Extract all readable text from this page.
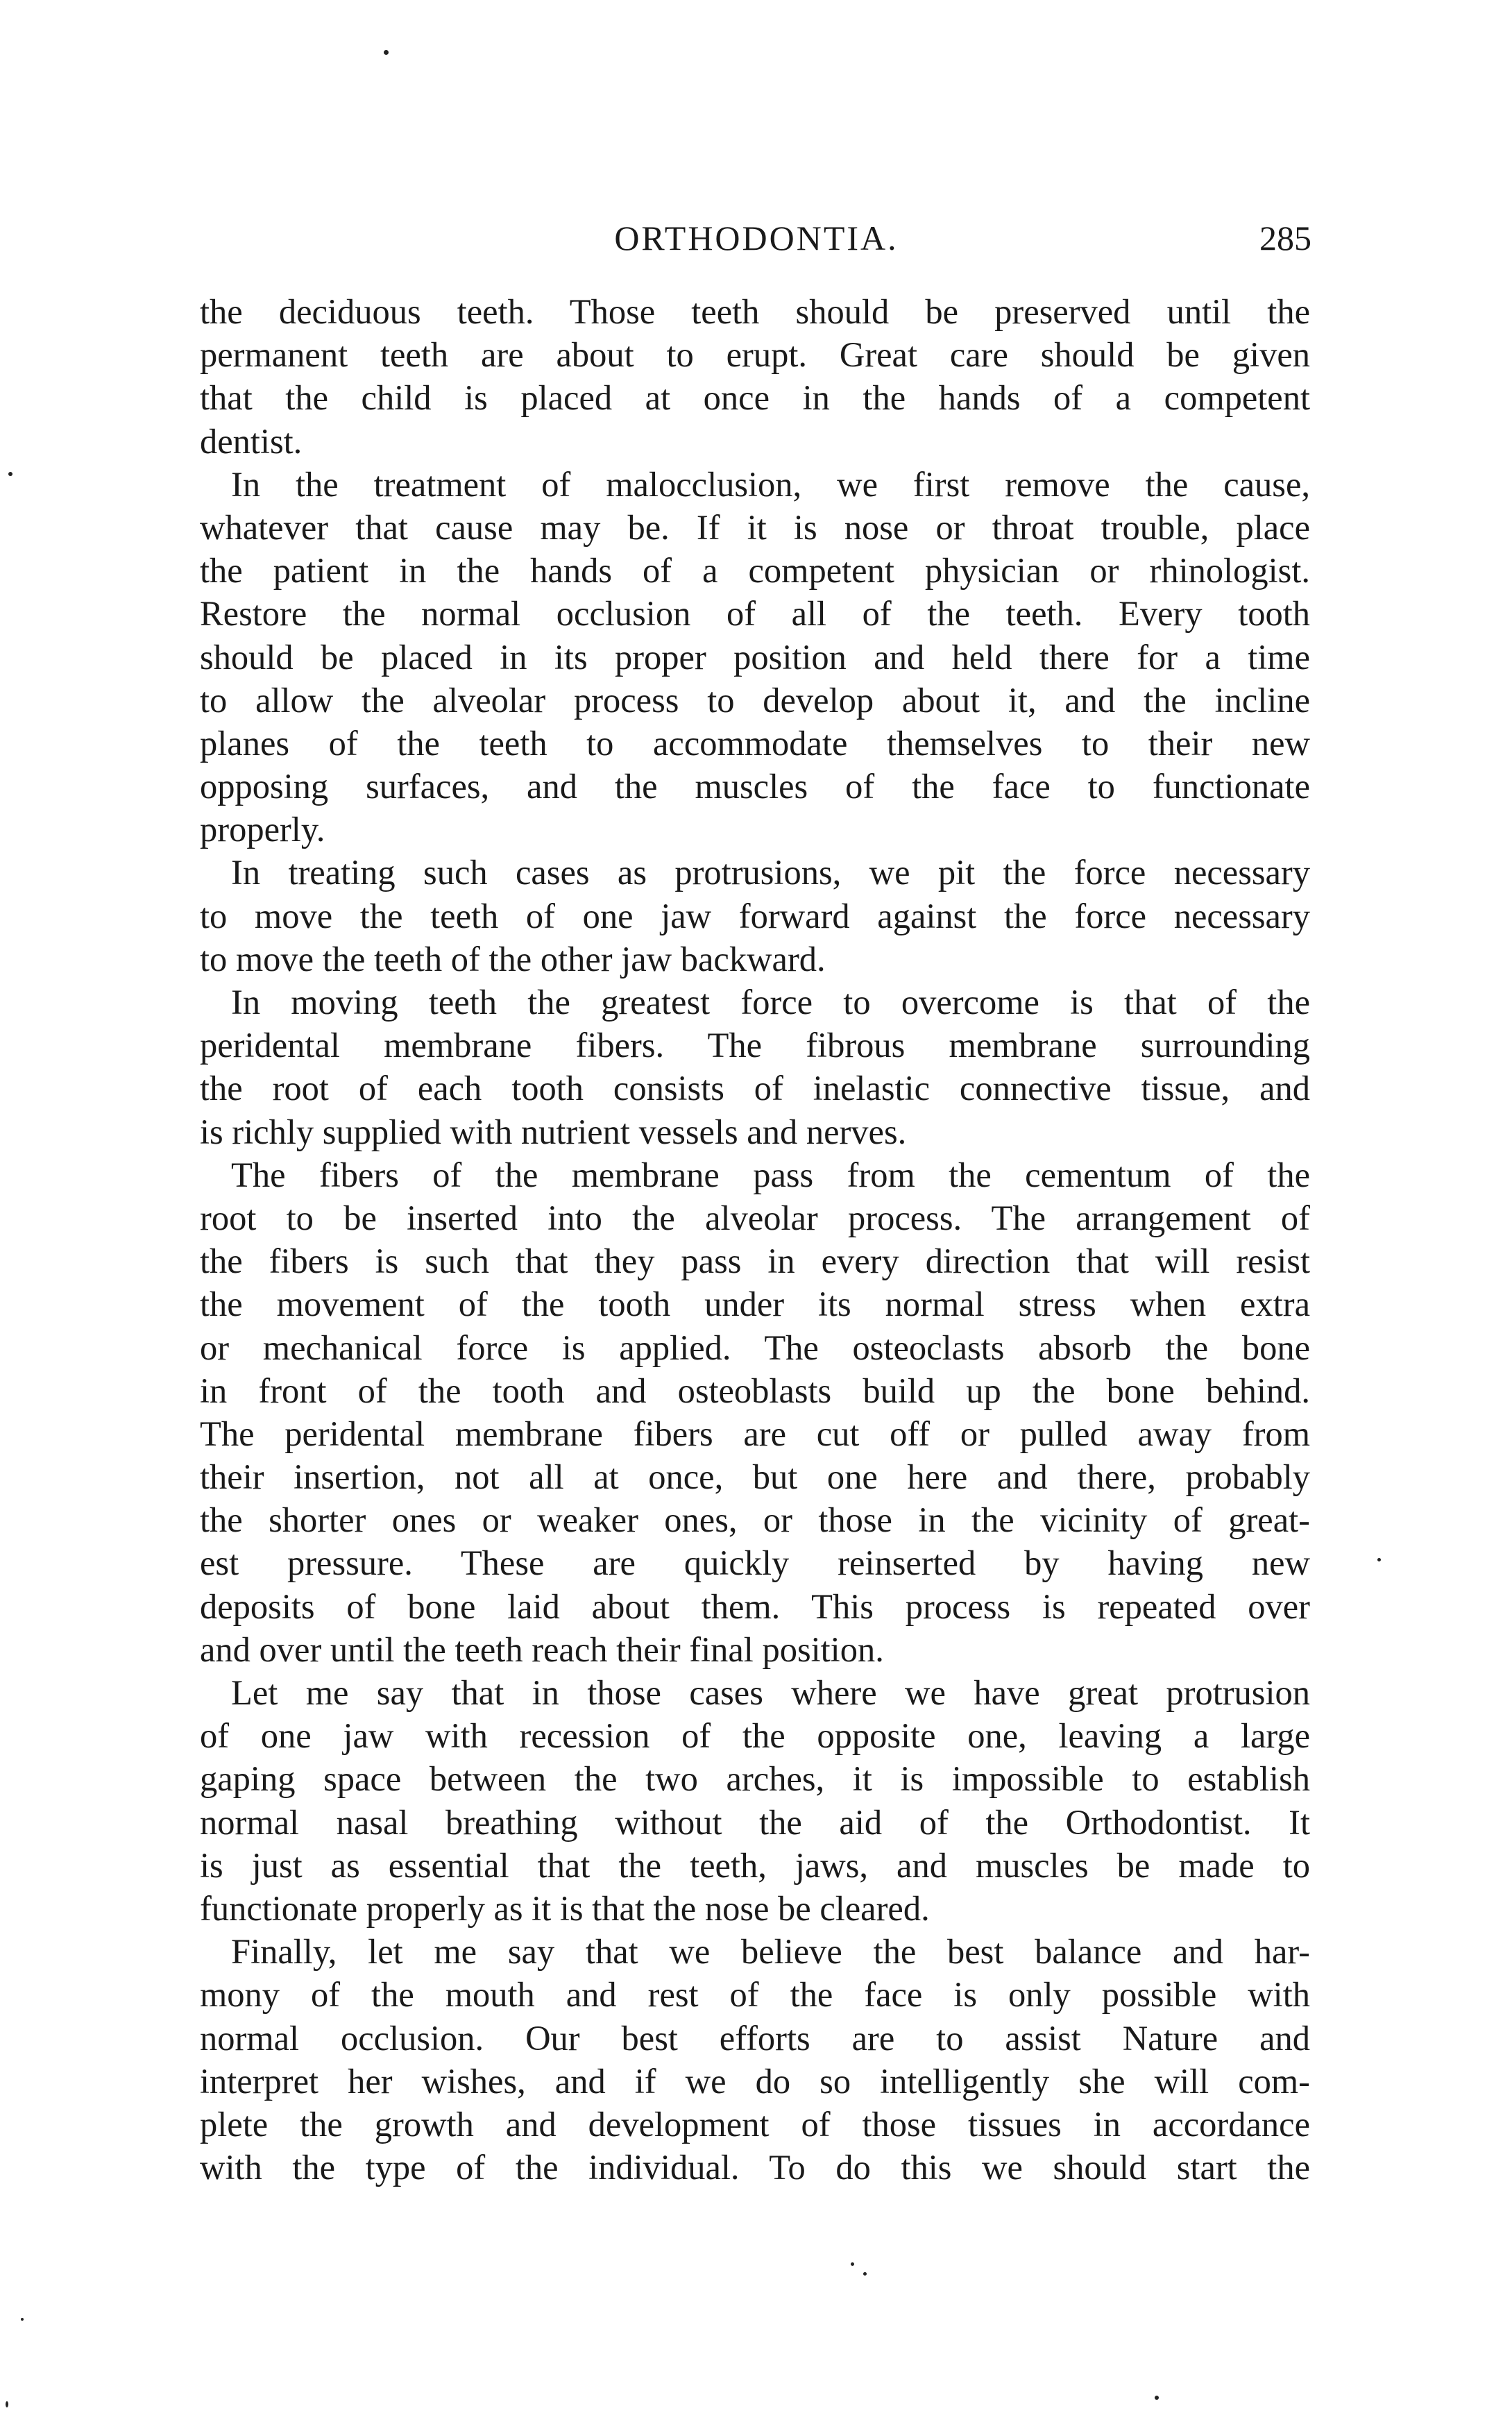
ORTHODONTIA.	285
the deciduous teeth. Those teeth should be preserved until the
permanent teeth are about to erupt. Great care should be given
that the child is placed at once in the hands of a competent
dentist.
In the treatment of malocclusion, we first remove the cause,
whatever that cause may be. If it is nose or throat trouble, place
the patient in the hands of a competent physician or rhinologist.
Restore the normal occlusion of all of the teeth. Every tooth
should be placed in its proper position and held there for a time
to allow the alveolar process to develop about it, and the incline
planes of the teeth to accommodate themselves to their new
opposing surfaces, and the muscles of the face to functionate
properly.
In treating such cases as protrusions, we pit the force necessary
to move the teeth of one jaw forward against the force necessary
to move the teeth of the other jaw backward.
In moving teeth the greatest force to overcome is that of the
peridental membrane fibers. The fibrous membrane surrounding
the root of each tooth consists of inelastic connective tissue, and
is richly supplied with nutrient vessels and nerves.
The fibers of the membrane pass from the cementum of the
root to be inserted into the alveolar process. The arrangement of
the fibers is such that they pass in every direction that will resist
the movement of the tooth under its normal stress when extra
or mechanical force is applied. The osteoclasts absorb the bone
in front of the tooth and osteoblasts build up the bone behind.
The peridental membrane fibers are cut off or pulled away from
their insertion, not all at once, but one here and there, probably
the shorter ones or weaker ones, or those in the vicinity of great-
est pressure. These are quickly reinserted by having new
deposits of bone laid about them. This process is repeated over
and over until the teeth reach their final position.
Let me say that in those cases where we have great protrusion
of one jaw with recession of the opposite one, leaving a large
gaping space between the two arches, it is impossible to establish
normal nasal breathing without the aid of the Orthodontist. It
is just as essential that the teeth, jaws, and muscles be made to
functionate properly as it is that the nose be cleared.
Finally, let me say that we believe the best balance and har-
mony of the mouth and rest of the face is only possible with
normal occlusion. Our best efforts are to assist Nature and
interpret her wishes, and if we do so intelligently she will com-
plete the growth and development of those tissues in accordance
with the type of the individual. To do this we should start the
